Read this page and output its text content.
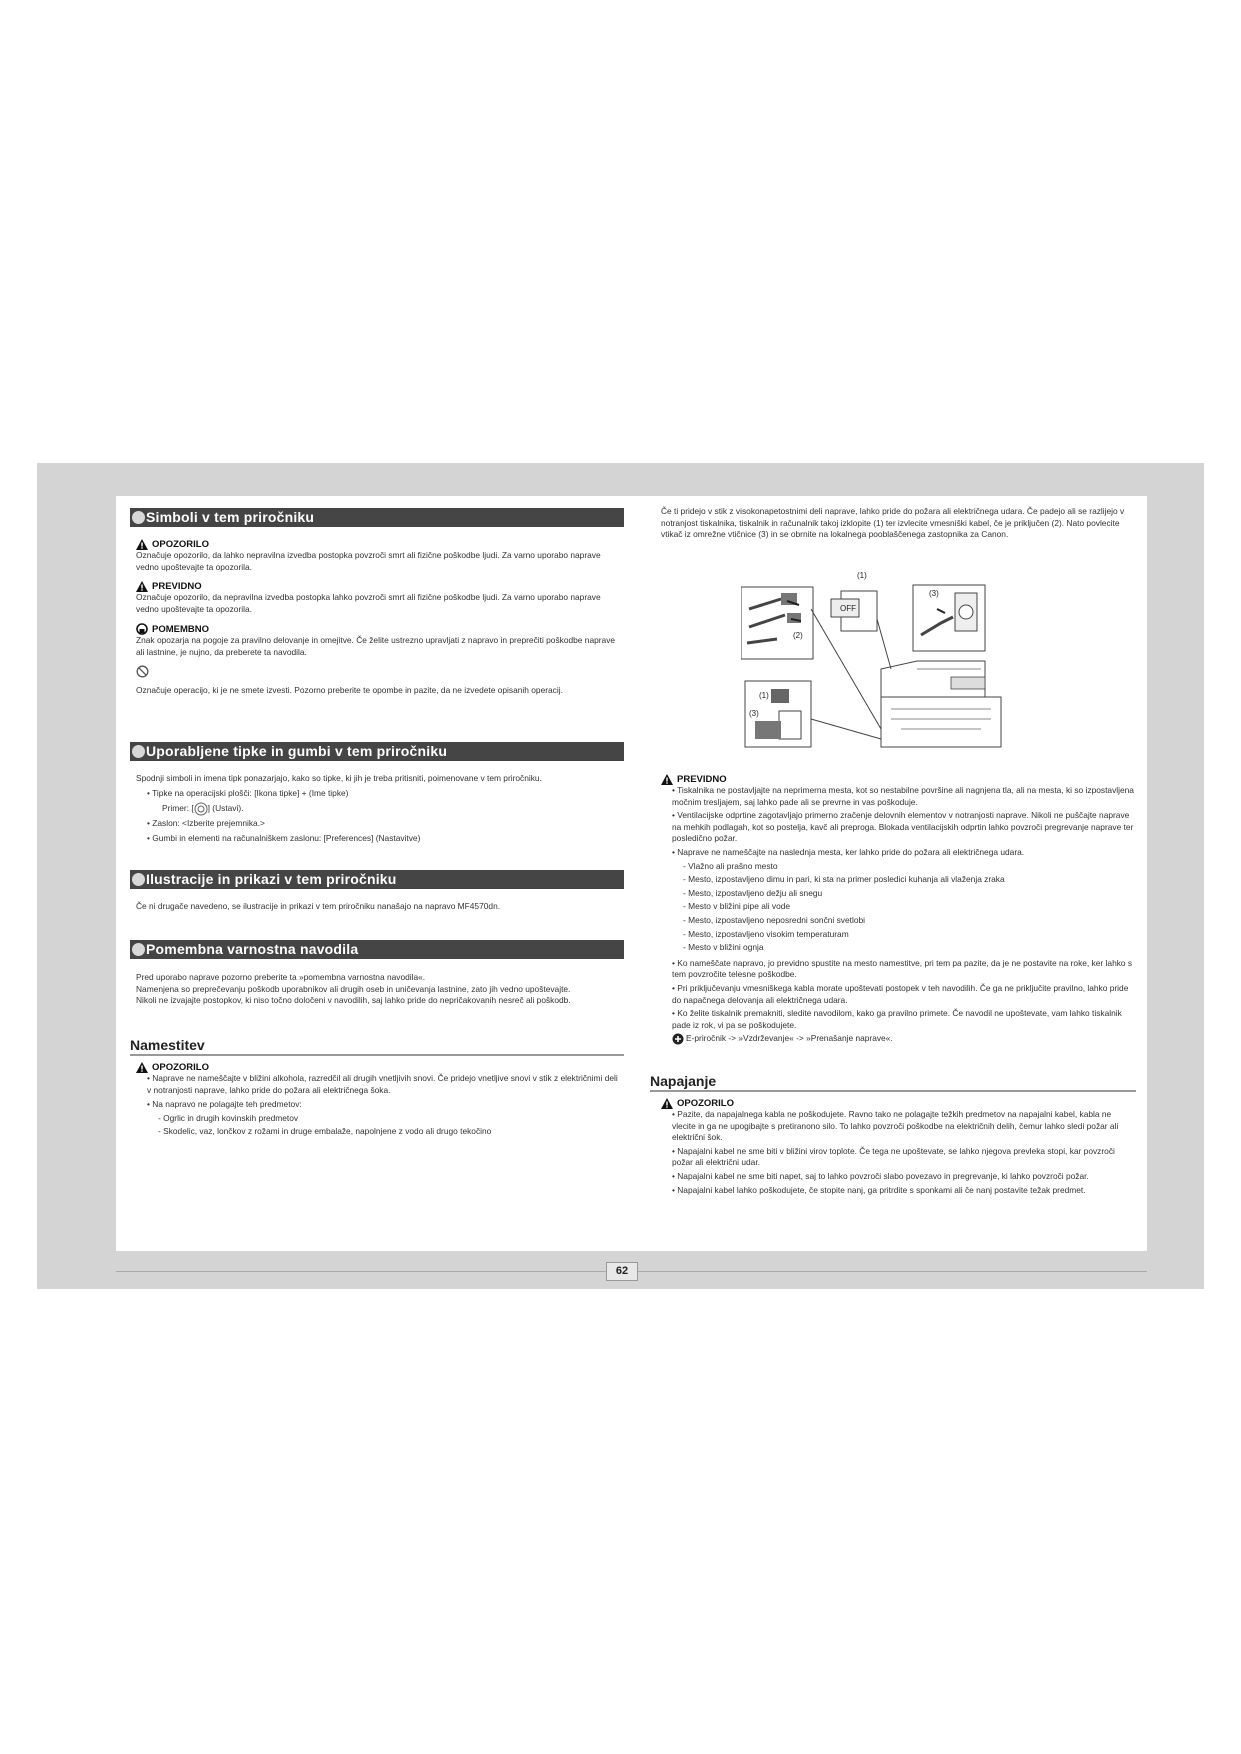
Simboli v tem priročniku
OPOZORILO

Označuje opozorilo, da lahko nepravilna izvedba postopka povzroči smrt ali fizične poškodbe ljudi. Za varno uporabo naprave vedno upoštevajte ta opozorila.

PREVIDNO

Označuje opozorilo, da nepravilna izvedba postopka lahko povzroči smrt ali fizične poškodbe ljudi. Za varno uporabo naprave vedno upoštevajte ta opozorila.

POMEMBNO

Znak opozarja na pogoje za pravilno delovanje in omejitve. Če želite ustrezno upravljati z napravo in preprečiti poškodbe naprave ali lastnine, je nujno, da preberete ta navodila.

Označuje operacijo, ki je ne smete izvesti. Pozorno preberite te opombe in pazite, da ne izvedete opisanih operacij.

Uporabljene tipke in gumbi v tem priročniku

Spodnji simboli in imena tipk ponazarjajo, kako so tipke, ki jih je treba pritisniti, poimenovane v tem priročniku.

• Tipke na operacijski plošči: [Ikona tipke] + (Ime tipke)

Primer: [ ] (Ustavi).

• Zaslon: <Izberite prejemnika.>

• Gumbi in elementi na računalniškem zaslonu: [Preferences] (Nastavitve)

Ilustracije in prikazi v tem priročniku

Če ni drugače navedeno, se ilustracije in prikazi v tem priročniku nanašajo na napravo MF4570dn.

Pomembna varnostna navodila

Pred uporabo naprave pozorno preberite ta »pomembna varnostna navodila«.

Namenjena so preprečevanju poškodb uporabnikov ali drugih oseb in uničevanja lastnine, zato jih vedno upoštevajte.

Nikoli ne izvajajte postopkov, ki niso točno določeni v navodilih, saj lahko pride do nepričakovanih nesreč ali poškodb.

Namestitev
OPOZORILO

• Naprave ne nameščajte v bližini alkohola, razredčil ali drugih vnetljivih snovi. Če pridejo vnetljive snovi v stik z električnimi deli v notranjosti naprave, lahko pride do požara ali električnega šoka.

• Na napravo ne polagajte teh predmetov:

- Ogrlic in drugih kovinskih predmetov

- Skodelic, vaz, lončkov z rožami in druge embalaže, napolnjene z vodo ali drugo tekočino

Če ti pridejo v stik z visokonapetostnimi deli naprave, lahko pride do požara ali električnega udara. Če padejo ali se razlijejo v notranjost tiskalnika, tiskalnik in računalnik takoj izklopite (1) ter izvlecite vmesniški kabel, če je priključen (2). Nato povlecite vtikač iz omrežne vtičnice (3) in se obrnite na lokalnega pooblaščenega zastopnika za Canon.

(1)
OFF
(3)
(2)
(1)
(3)
PREVIDNO

• Tiskalnika ne postavljajte na neprimerna mesta, kot so nestabilne površine ali nagnjena tla, ali na mesta, ki so izpostavljena močnim tresljajem, saj lahko pade ali se prevrne in vas poškoduje.

• Ventilacijske odprtine zagotavljajo primerno zračenje delovnih elementov v notranjosti naprave. Nikoli ne puščajte naprave na mehkih podlagah, kot so postelja, kavč ali preproga. Blokada ventilacijskih odprtin lahko povzroči pregrevanje naprave ter posledično požar.

• Naprave ne nameščajte na naslednja mesta, ker lahko pride do požara ali električnega udara.

- Vlažno ali prašno mesto

- Mesto, izpostavljeno dimu in pari, ki sta na primer posledici kuhanja ali vlaženja zraka

- Mesto, izpostavljeno dežju ali snegu

- Mesto v bližini pipe ali vode

- Mesto, izpostavljeno neposredni sončni svetlobi

- Mesto, izpostavljeno visokim temperaturam

- Mesto v bližini ognja

• Ko nameščate napravo, jo previdno spustite na mesto namestitve, pri tem pa pazite, da je ne postavite na roke, ker lahko s tem povzročite telesne poškodbe.

• Pri priključevanju vmesniškega kabla morate upoštevati postopek v teh navodilih. Če ga ne priključite pravilno, lahko pride do napačnega delovanja ali električnega udara.

• Ko želite tiskalnik premakniti, sledite navodilom, kako ga pravilno primete. Če navodil ne upoštevate, vam lahko tiskalnik pade iz rok, vi pa se poškodujete.

E-priročnik -> »Vzdrževanje« -> »Prenašanje naprave«.

Napajanje
OPOZORILO

• Pazite, da napajalnega kabla ne poškodujete. Ravno tako ne polagajte težkih predmetov na napajalni kabel, kabla ne vlecite in ga ne upogibajte s pretiranono silo. To lahko povzroči poškodbe na električnih delih, čemur lahko sledi požar ali električni šok.

• Napajalni kabel ne sme biti v bližini virov toplote. Če tega ne upoštevate, se lahko njegova prevleka stopi, kar povzroči požar ali električni udar.

• Napajalni kabel ne sme biti napet, saj to lahko povzroči slabo povezavo in pregrevanje, ki lahko povzroči požar.

• Napajalni kabel lahko poškodujete, če stopite nanj, ga pritrdite s sponkami ali če nanj postavite težak predmet.

62
